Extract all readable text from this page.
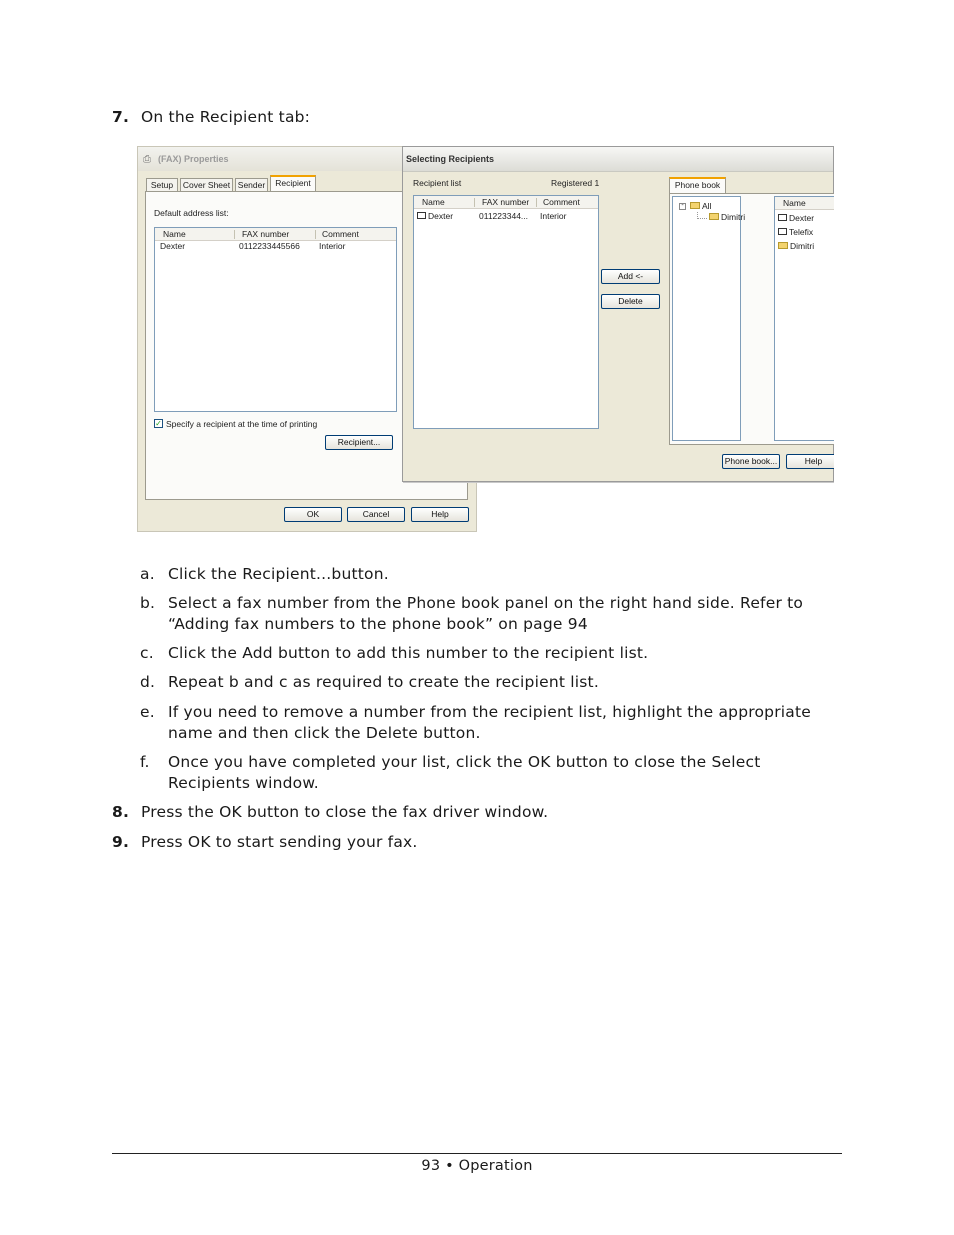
7. On the Recipient tab:
⎙ (FAX) Properties
Setup	Cover Sheet Sender	Recipient
Default address list:
Name	FAX number	Comment
Dexter	0112233445566 Interior
✓ Specify a recipient at the time of printing
Recipient...
OK	Cancel	Help
Selecting Recipients
Recipient list	Registered 1
Name	FAX number Comment
Dexter	011223344... Interior
Add <-
Delete
Phone book
-	All
Dimitri
Name
Dexter
Telefix
Dimitri
Phone book...	Help
a. Click the Recipient...button.
b. Select a fax number from the Phone book panel on the right hand side. Refer to “Adding fax numbers to the phone book” on page 94
c. Click the Add button to add this number to the recipient list.
d. Repeat b and c as required to create the recipient list.
e. If you need to remove a number from the recipient list, highlight the appropriate name and then click the Delete button.
f. Once you have completed your list, click the OK button to close the Select Recipients window.
8. Press the OK button to close the fax driver window.
9. Press OK to start sending your fax.
93 • Operation
